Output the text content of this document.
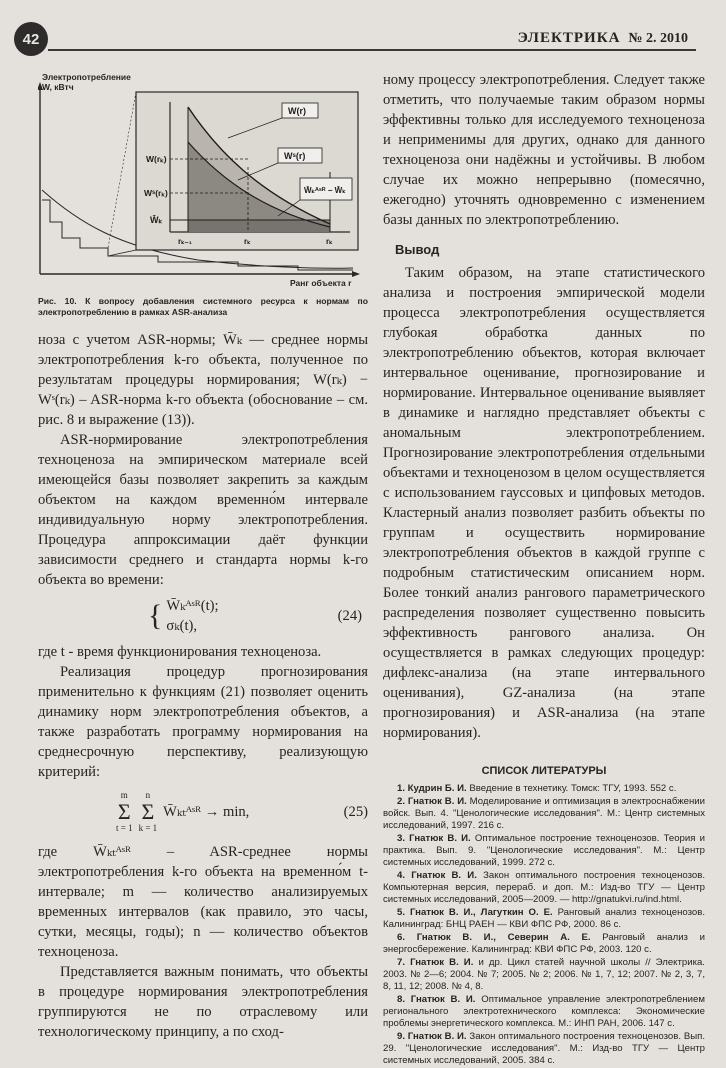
42	ЭЛЕКТРИКА № 2. 2010
Электропотребление
W, кВтч
Ранг объекта r
W(r)
W(rₖ)	Wˢ(r)
Wˢ(rₖ)	W̄ₖᴬˢᴿ − W̄ₖ
W̄ₖ
rₖ₋₁	rₖ	rₖ
Рис. 10. К вопросу добавления системного ресурса к нормам по электропотреблению в рамках ASR-анализа

ноза с учетом ASR-нормы; W̄ₖ — среднее нормы электропотребления k-го объекта, полученное по результатам процедуры нормирования; W(rₖ) − Wˢ(rₖ) – ASR-норма k-го объекта (обоснование – см. рис. 8 и выражение (13)).

ASR-нормирование электропотребления техноценоза на эмпирическом материале всей имеющейся базы позволяет закрепить за каждым объектом на каждом временно́м интервале индивидуальную норму электропотребления. Процедура аппроксимации даёт функции зависимости среднего и стандарта нормы k-го объекта во времени:

{ W̄ₖᴬˢᴿ(t);
σₖ(t),
(24)

где t - время функционирования техноценоза.

Реализация процедур прогнозирования применительно к функциям (21) позволяет оценить динамику норм электропотребления объектов, а также разработать программу нормирования на среднесрочную перспективу, реализующую критерий:

m
Σ
t = 1
n
Σ
k = 1
W̄ₖₜᴬˢᴿ → min,	(25)

где W̄ₖₜᴬˢᴿ – ASR-среднее нормы электропотребления k-го объекта на временно́м t-интервале; m — количество анализируемых временных интервалов (как правило, это часы, сутки, месяцы, годы); n — количество объектов техноценоза.

Представляется важным понимать, что объекты в процедуре нормирования электропотребления группируются не по отраслевому или технологическому принципу, а по сход-

ному процессу электропотребления. Следует также отметить, что получаемые таким образом нормы эффективны только для исследуемого техноценоза и неприменимы для других, однако для данного техноценоза они надёжны и устойчивы. В любом случае их можно непрерывно (помесячно, ежегодно) уточнять одновременно с изменением базы данных по электропотреблению.

Вывод

Таким образом, на этапе статистического анализа и построения эмпирической модели процесса электропотребления осуществляется глубокая обработка данных по электропотреблению объектов, которая включает интервальное оценивание, прогнозирование и нормирование. Интервальное оценивание выявляет в динамике и наглядно представляет объекты с аномальным электропотреблением. Прогнозирование электропотребления отдельными объектами и техноценозом в целом осуществляется с использованием гауссовых и ципфовых методов. Кластерный анализ позволяет разбить объекты по группам и осуществить нормирование электропотребления объектов в каждой группе с подробным статистическим описанием норм. Более тонкий анализ рангового параметрического распределения позволяет существенно повысить эффективность рангового анализа. Он осуществляется в рамках следующих процедур: дифлекс-анализа (на этапе интервального оценивания), GZ-анализа (на этапе прогнозирования) и ASR-анализа (на этапе нормирования).

СПИСОК ЛИТЕРАТУРЫ

1. Кудрин Б. И. Введение в технетику. Томск: ТГУ, 1993. 552 с.

2. Гнатюк В. И. Моделирование и оптимизация в электроснабжении войск. Вып. 4. "Ценологические исследования". М.: Центр системных исследований, 1997. 216 с.

3. Гнатюк В. И. Оптимальное построение техноценозов. Теория и практика. Вып. 9. "Ценологические исследования". М.: Центр системных исследований, 1999. 272 с.

4. Гнатюк В. И. Закон оптимального построения техноценозов. Компьютерная версия, перераб. и доп. М.: Изд-во ТГУ — Центр системных исследований, 2005—2009. — http://gnatukvi.ru/ind.html.

5. Гнатюк В. И., Лагуткин О. Е. Ранговый анализ техноценозов. Калининград: БНЦ РАЕН — КВИ ФПС РФ, 2000. 86 с.

6. Гнатюк В. И., Северин А. Е. Ранговый анализ и энергосбережение. Калининград: КВИ ФПС РФ, 2003. 120 с.

7. Гнатюк В. И. и др. Цикл статей научной школы // Электрика. 2003. № 2—6; 2004. № 7; 2005. № 2; 2006. № 1, 7, 12; 2007. № 2, 3, 7, 8, 11, 12; 2008. № 4, 8.

8. Гнатюк В. И. Оптимальное управление электропотреблением регионального электротехнического комплекса: Экономические проблемы энергетического комплекса. М.: ИНП РАН, 2006. 147 с.

9. Гнатюк В. И. Закон оптимального построения техноценозов. Вып. 29. "Ценологические исследования". М.: Изд-во ТГУ — Центр системных исследований, 2005. 384 с.
